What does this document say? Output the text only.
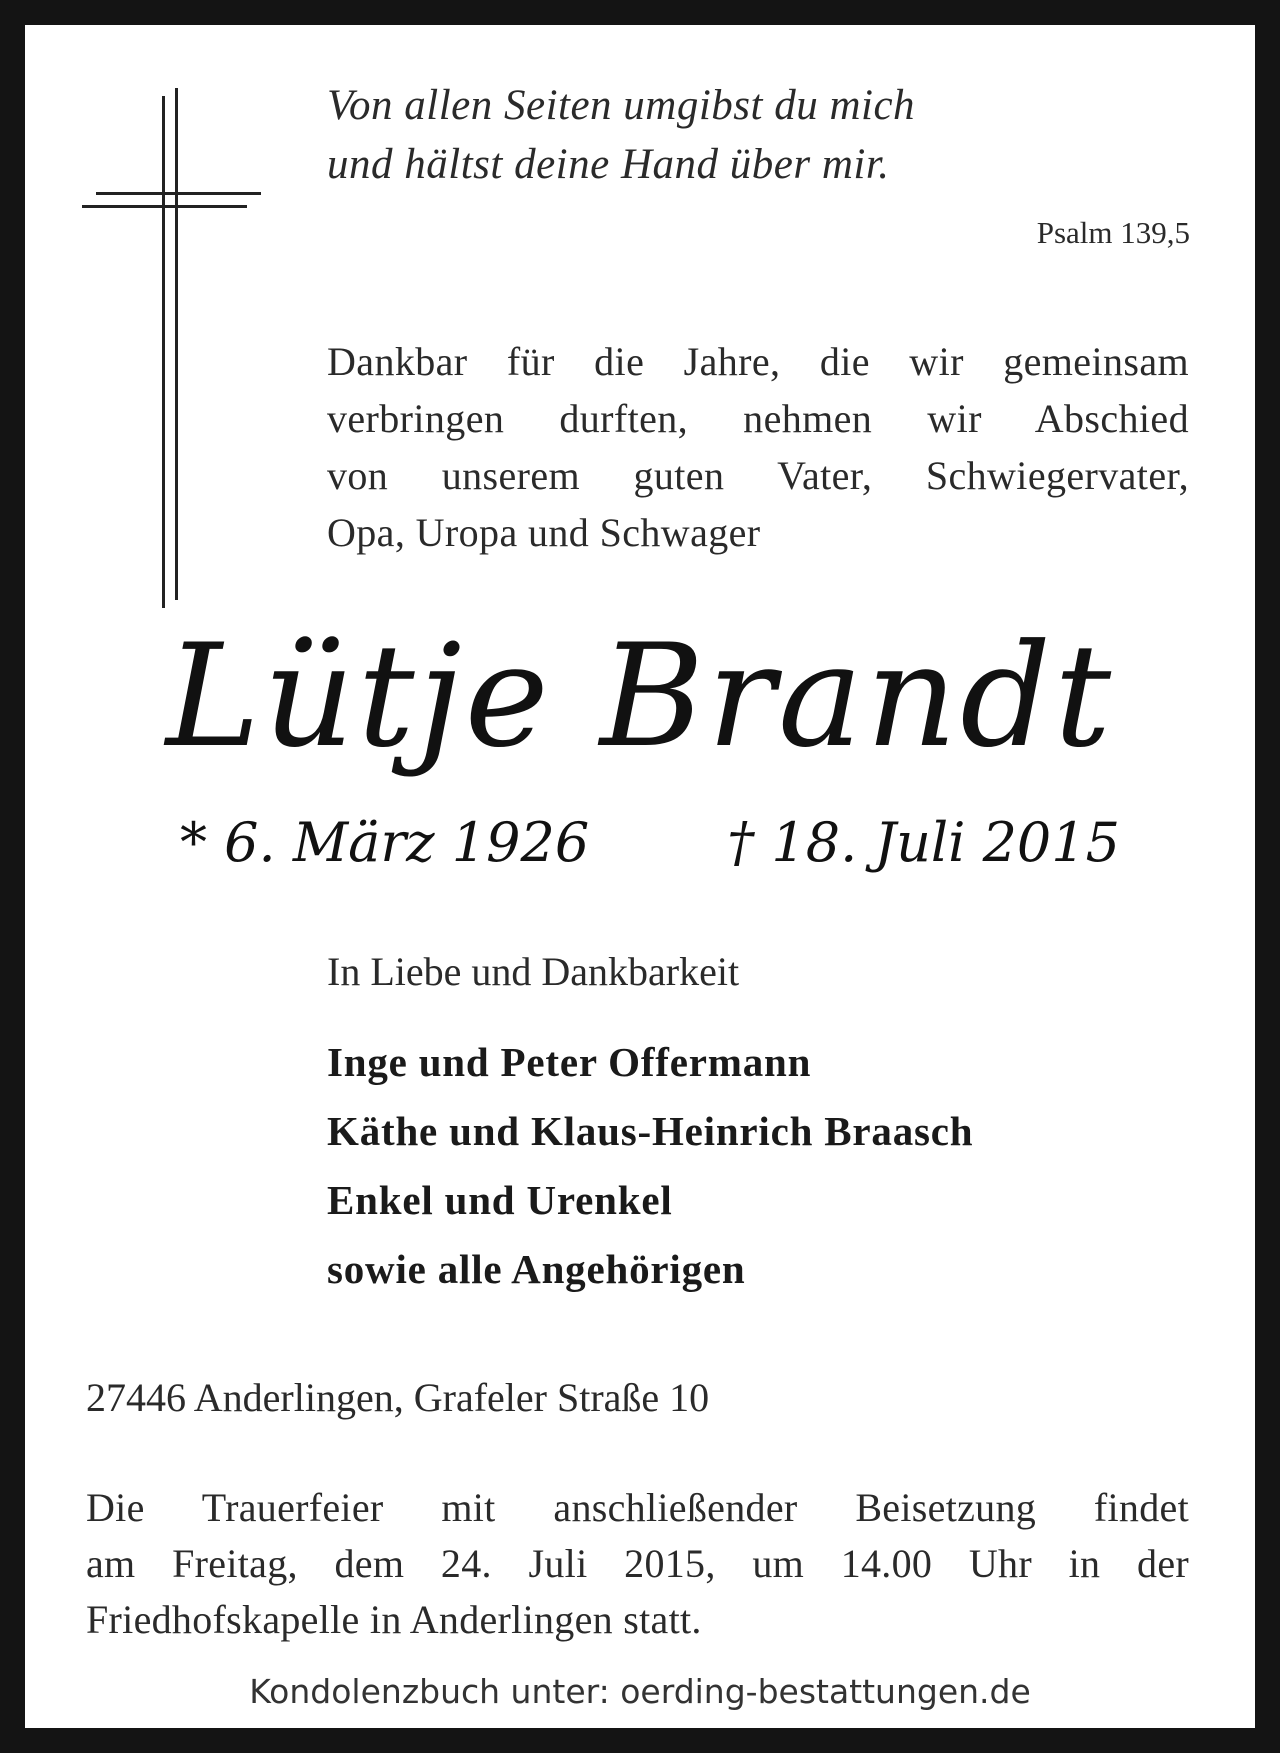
Von allen Seiten umgibst du mich
und hältst deine Hand über mir.
Psalm 139,5
Dankbar für die Jahre, die wir gemeinsam
verbringen durften, nehmen wir Abschied
von unserem guten Vater, Schwiegervater,
Opa, Uropa und Schwager
Lütje Brandt
* 6. März 1926	† 18. Juli 2015
In Liebe und Dankbarkeit
Inge und Peter Offermann
Käthe und Klaus-Heinrich Braasch
Enkel und Urenkel
sowie alle Angehörigen
27446 Anderlingen, Grafeler Straße 10
Die Trauerfeier mit anschließender Beisetzung findet
am Freitag, dem 24. Juli 2015, um 14.00 Uhr in der
Friedhofskapelle in Anderlingen statt.
Kondolenzbuch unter: oerding-bestattungen.de
